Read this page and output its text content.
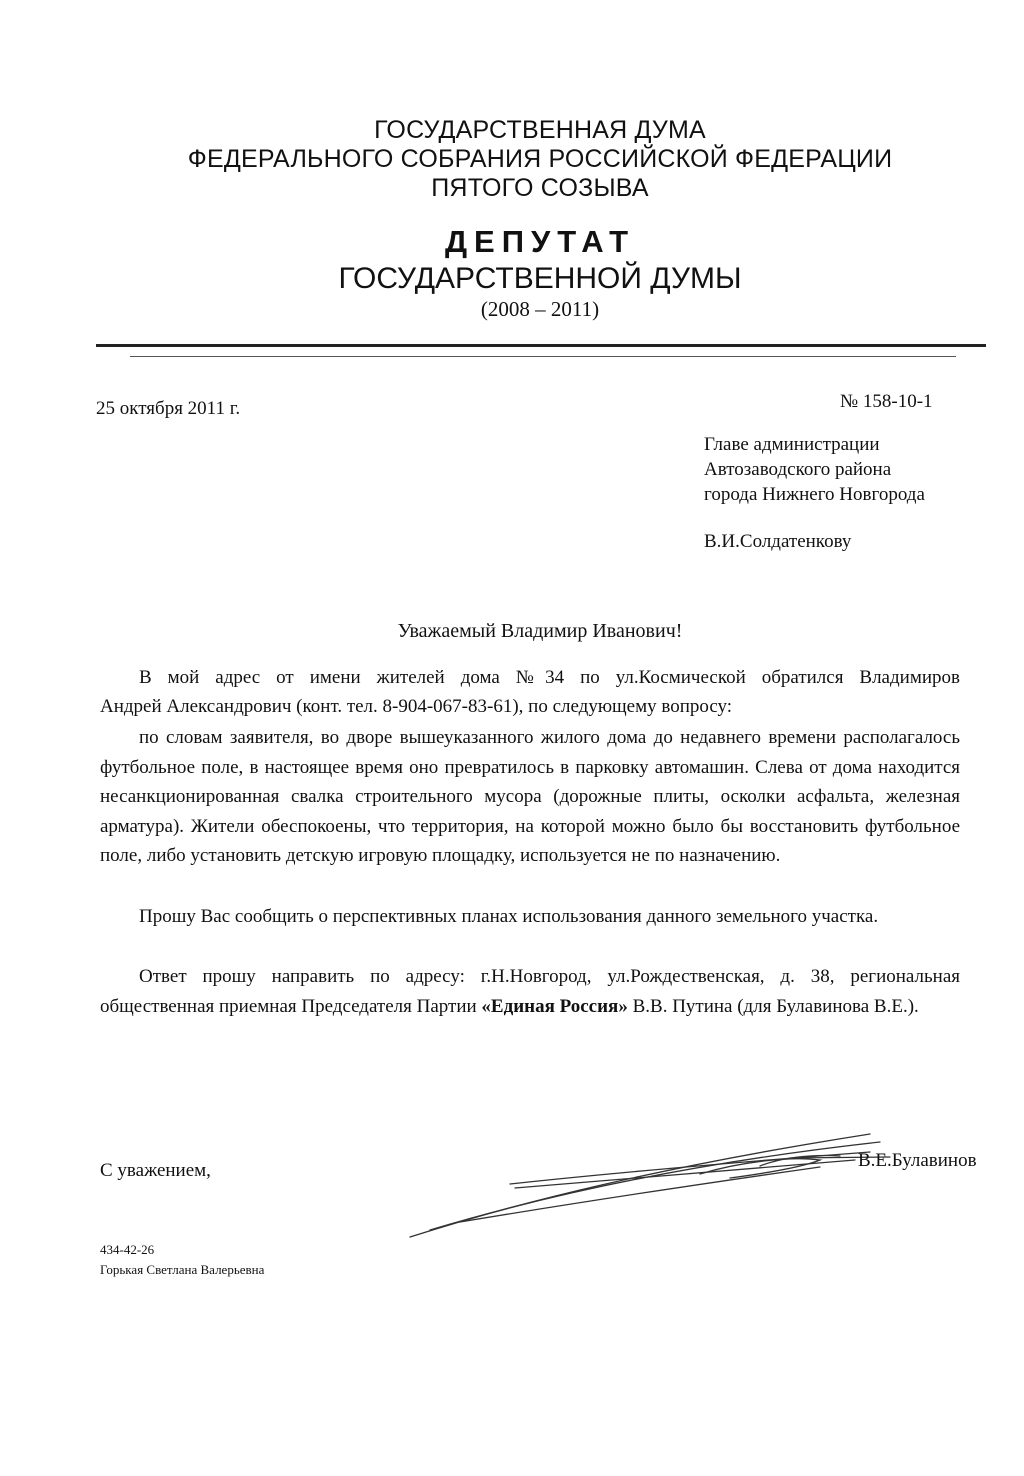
ГОСУДАРСТВЕННАЯ ДУМА
ФЕДЕРАЛЬНОГО СОБРАНИЯ РОССИЙСКОЙ ФЕДЕРАЦИИ
ПЯТОГО СОЗЫВА
ДЕПУТАТ
ГОСУДАРСТВЕННОЙ ДУМЫ
(2008 – 2011)
25 октября 2011 г.	№ 158-10-1
Главе администрации
Автозаводского района
города Нижнего Новгорода
В.И.Солдатенкову
Уважаемый Владимир Иванович!
В мой адрес от имени жителей дома №34 по ул.Космической обратился Владимиров
Андрей Александрович (конт. тел. 8-904-067-83-61), по следующему вопросу:
по словам заявителя, во дворе вышеуказанного жилого дома до недавнего времени располагалось футбольное поле, в настоящее время оно превратилось в парковку автомашин. Слева от дома находится несанкционированная свалка строительного мусора (дорожные плиты, осколки асфальта, железная арматура). Жители обеспокоены, что территория, на которой можно было бы восстановить футбольное поле, либо установить детскую игровую площадку, используется не по назначению.
Прошу Вас сообщить о перспективных планах использования данного земельного участка.
Ответ прошу направить по адресу: г.Н.Новгород, ул.Рождественская, д. 38, региональная общественная приемная Председателя Партии «Единая Россия» В.В. Путина (для Булавинова В.Е.).
С уважением,	В.Е.Булавинов
434-42-26
Горькая Светлана Валерьевна
